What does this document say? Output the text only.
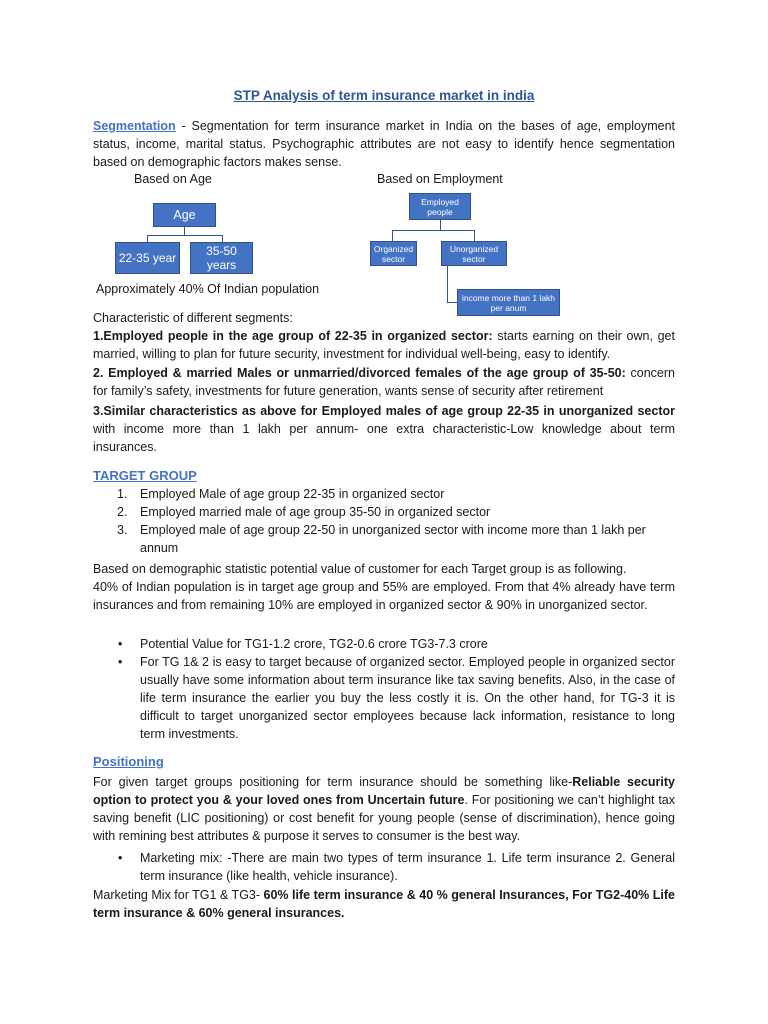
STP Analysis of term insurance market in india
Segmentation - Segmentation for term insurance market in India on the bases of age, employment status, income, marital status. Psychographic attributes are not easy to identify hence segmentation based on demographic factors makes sense.
Based on Age
Age
22-35 year	35-50 years
Approximately 40% Of Indian population
Based on Employment
Employed people
Organized sector
Unorganized sector
income more than 1 lakh per anum
Characteristic of different segments:
1.Employed people in the age group of 22-35 in organized sector: starts earning on their own, get married, willing to plan for future security, investment for individual well-being, easy to identify.
2. Employed & married Males or unmarried/divorced females of the age group of 35-50: concern for family’s safety, investments for future generation, wants sense of security after retirement
3.Similar characteristics as above for Employed males of age group 22-35 in unorganized sector with income more than 1 lakh per annum- one extra characteristic-Low knowledge about term insurances.
TARGET GROUP
1. Employed Male of age group 22-35 in organized sector
2. Employed married male of age group 35-50 in organized sector
3. Employed male of age group 22-50 in unorganized sector with income more than 1 lakh per annum
Based on demographic statistic potential value of customer for each Target group is as following.
40% of Indian population is in target age group and 55% are employed. From that 4% already have term insurances and from remaining 10% are employed in organized sector & 90% in unorganized sector.
• Potential Value for TG1-1.2 crore, TG2-0.6 crore TG3-7.3 crore
• For TG 1& 2 is easy to target because of organized sector. Employed people in organized sector usually have some information about term insurance like tax saving benefits. Also, in the case of life term insurance the earlier you buy the less costly it is. On the other hand, for TG-3 it is difficult to target unorganized sector employees because lack information, resistance to long term investments.
Positioning
For given target groups positioning for term insurance should be something like-Reliable security option to protect you & your loved ones from Uncertain future. For positioning we can’t highlight tax saving benefit (LIC positioning) or cost benefit for young people (sense of discrimination), hence going with remining best attributes & purpose it serves to consumer is the best way.
• Marketing mix: -There are main two types of term insurance 1. Life term insurance 2. General term insurance (like health, vehicle insurance).
Marketing Mix for TG1 & TG3- 60% life term insurance & 40 % general Insurances, For TG2-40% Life term insurance & 60% general insurances.
